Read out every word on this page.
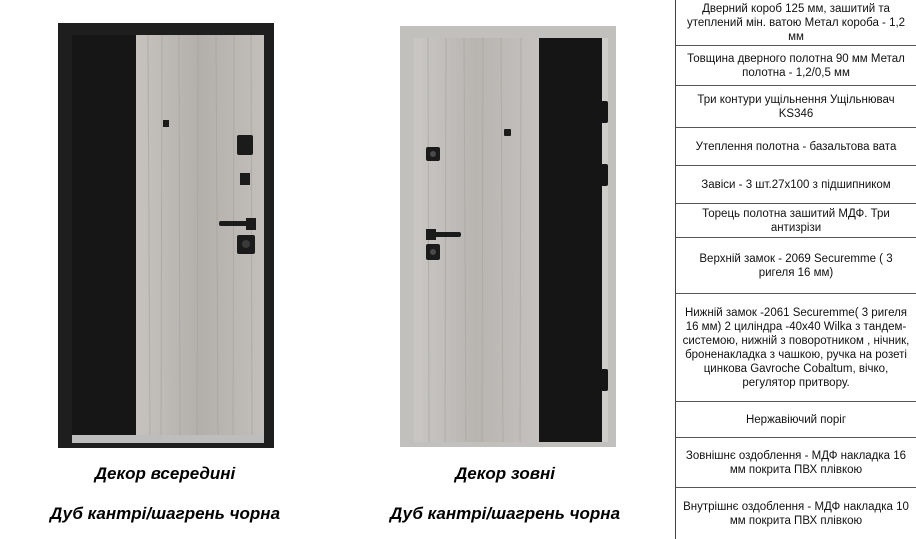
Декор всередині
Дуб кантрі/шагрень чорна
Декор зовні
Дуб кантрі/шагрень чорна
Дверний короб 125 мм, зашитий та утеплений мін. ватою Метал короба - 1,2 мм
Товщина дверного полотна 90 мм Метал полотна - 1,2/0,5 мм
Три контури ущільнення Ущільнювач KS346
Утеплення полотна - базальтова вата
Завіси - 3 шт.27х100 з підшипником
Торець полотна зашитий МДФ. Три антизрізи
Верхній замок - 2069 Securemme ( 3 ригеля 16 мм)
Нижній замок -2061 Securemme( 3 ригеля 16 мм) 2 циліндра -40х40 Wilka з тандем-системою, нижній з поворотником , нічник, броненакладка з чашкою, ручка на розеті цинкова Gavroche Cobaltum, вічко, регулятор притвору.
Нержавіючий поріг
Зовнішнє оздоблення - МДФ накладка 16 мм покрита ПВХ плівкою
Внутрішнє оздоблення - МДФ накладка 10 мм покрита ПВХ плівкою
